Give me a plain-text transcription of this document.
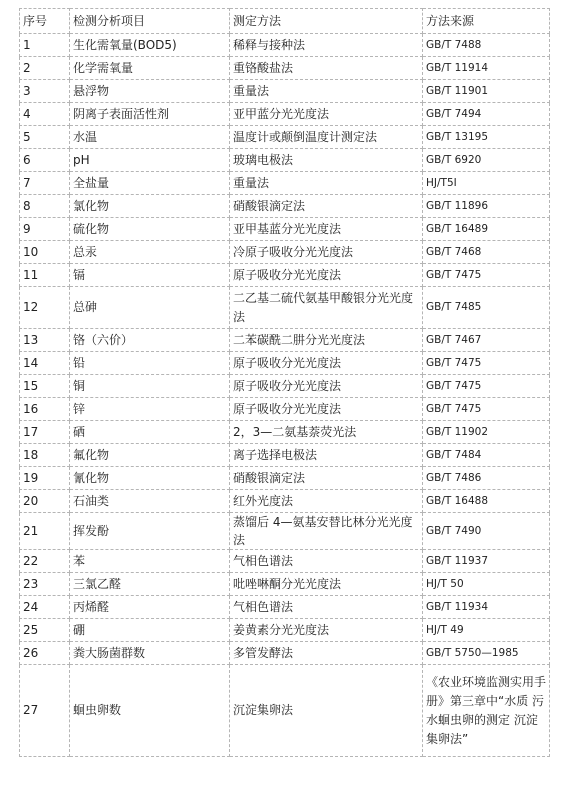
序号	检测分析项目	测定方法	方法来源
1	生化需氧量(BOD5)	稀释与接种法	GB/T 7488
2	化学需氧量	重铬酸盐法	GB/T 11914
3	悬浮物	重量法	GB/T 11901
4	阴离子表面活性剂	亚甲蓝分光光度法	GB/T 7494
5	水温	温度计或颠倒温度计测定法	GB/T 13195
6	pH	玻璃电极法	GB/T 6920
7	全盐量	重量法	HJ/T5I
8	氯化物	硝酸银滴定法	GB/T 11896
9	硫化物	亚甲基蓝分光光度法	GB/T 16489
10	总汞	冷原子吸收分光光度法	GB/T 7468
11	镉	原子吸收分光光度法	GB/T 7475
12	总砷	二乙基二硫代氨基甲酸银分光光度法	GB/T 7485
13	铬（六价）	二苯碳酰二肼分光光度法	GB/T 7467
14	铅	原子吸收分光光度法	GB/T 7475
15	铜	原子吸收分光光度法	GB/T 7475
16	锌	原子吸收分光光度法	GB/T 7475
17	硒	2，3—二氨基萘荧光法	GB/T 11902
18	氟化物	离子选择电极法	GB/T 7484
19	氰化物	硝酸银滴定法	GB/T 7486
20	石油类	红外光度法	GB/T 16488
21	挥发酚	蒸馏后 4—氨基安替比林分光光度法	GB/T 7490
22	苯	气相色谱法	GB/T 11937
23	三氯乙醛	吡唑啉酮分光光度法	HJ/T 50
24	丙烯醛	气相色谱法	GB/T 11934
25	硼	姜黄素分光光度法	HJ/T 49
26	粪大肠菌群数	多管发酵法	GB/T 5750—1985
27	蛔虫卵数	沉淀集卵法	《农业环境监测实用手册》第三章中“水质 污水蛔虫卵的测定 沉淀集卵法”
